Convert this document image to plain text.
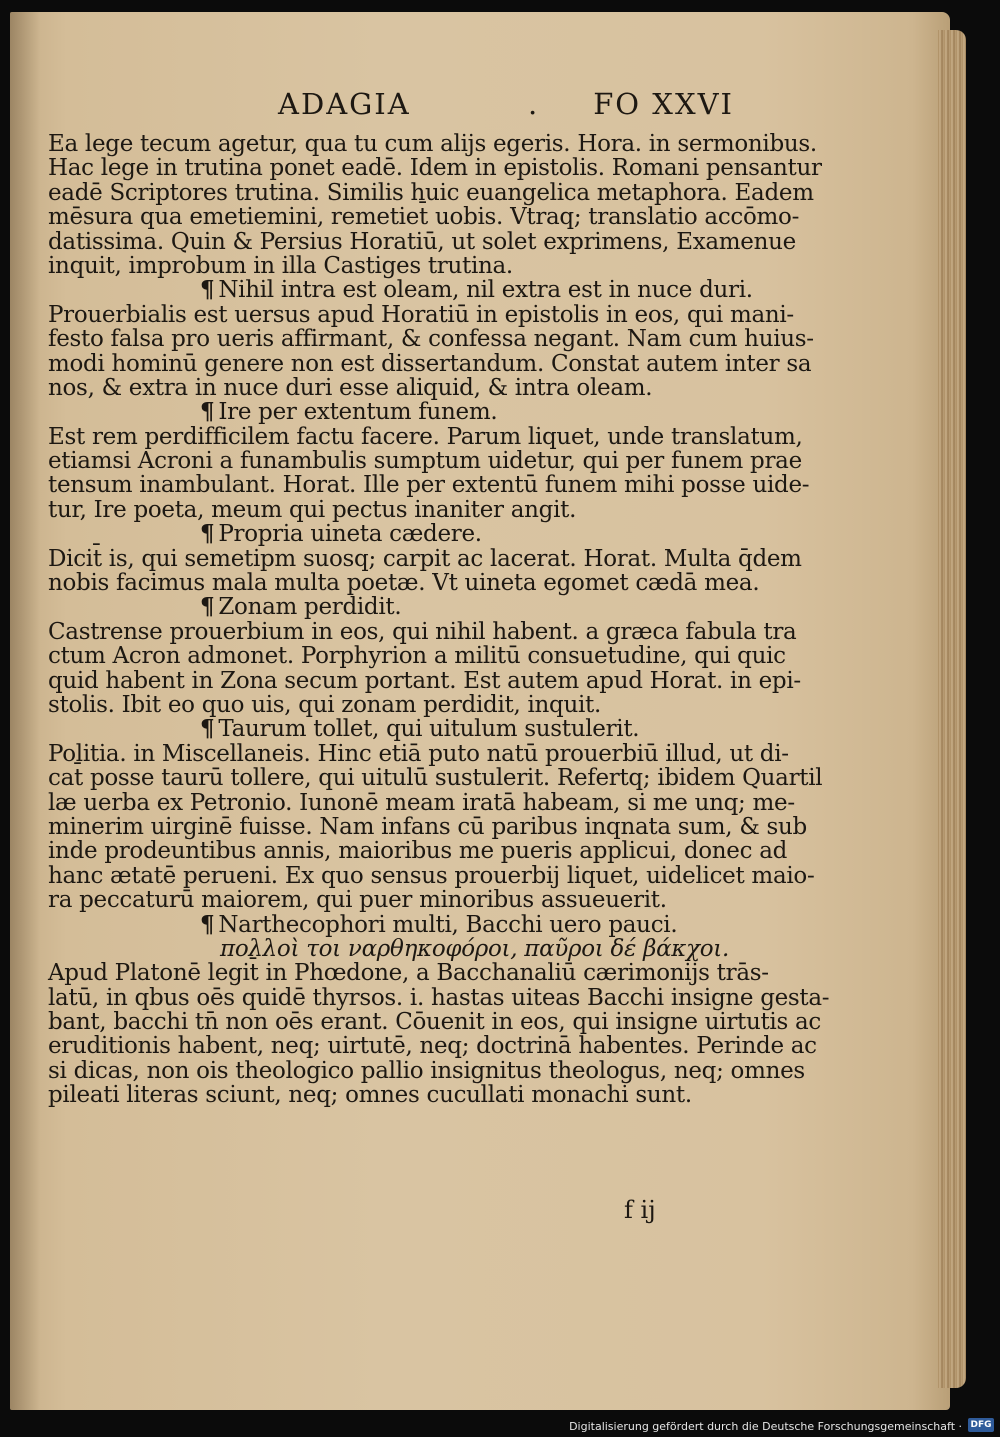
ADAGIA	. FO XXVI
Ea lege tecum agetur, qua tu cum alijs egeris. Hora. in sermonibus.
Hac lege in trutina ponet eadē. Idem in epistolis. Romani pensantur
eadē Scriptores trutina. Similis huic euangelica metaphora. Eadem
mēsura qua emetiemini, remetiet̄ uobis. Vtraq; translatio accōmo-
datissima. Quin & Persius Horatiū, ut solet exprimens, Examenue
inquit, improbum in illa Castiges trutina.
¶ Nihil intra est oleam, nil extra est in nuce duri.
Prouerbialis est uersus apud Horatiū in epistolis in eos, qui mani-
festo falsa pro ueris affirmant, & confessa negant. Nam cum huius-
modi hominū genere non est dissertandum. Constat autem inter sa
nos, & extra in nuce duri esse aliquid, & intra oleam.
¶ Ire per extentum funem.
Est rem perdifficilem factu facere. Parum liquet, unde translatum,
etiamsi Acroni a funambulis sumptum uidetur, qui per funem prae
tensum inambulant. Horat. Ille per extentū funem mihi posse uide-
tur, Ire poeta, meum qui pectus inaniter angit.
¶ Propria uineta cædere.
Dicit̄ is, qui semetipm suosq; carpit ac lacerat. Horat. Multa q̄dem
nobis facimus mala multa poetæ. Vt uineta egomet cædā mea.
¶ Zonam perdidit.
Castrense prouerbium in eos, qui nihil habent. a græca fabula tra
ctum Acron admonet. Porphyrion a militū consuetudine, qui quic
quid habent in Zona secum portant. Est autem apud Horat. in epi-
stolis. Ibit eo quo uis, qui zonam perdidit, inquit.
¶ Taurum tollet, qui uitulum sustulerit.
Politia. in Miscellaneis. Hinc etiā puto natū prouerbiū illud, ut di-
cat̄ posse taurū tollere, qui uitulū sustulerit. Refertq; ibidem Quartil
læ uerba ex Petronio. Iunonē meam iratā habeam, si me unq; me-
minerim uirginē fuisse. Nam infans cū paribus inqnata sum, & sub
inde prodeuntibus annis, maioribus me pueris applicui, donec ad
hanc ætatē perueni. Ex quo sensus prouerbij liquet, uidelicet maio-
ra peccaturū maiorem, qui puer minoribus assueuerit.
¶ Narthecophori multi, Bacchi uero pauci.
πολλοὶ τοι ναρθηκοφόροι, παῦροι δέ βάκχοι.
Apud Platonē legit̄ in Phœdone, a Bacchanaliū cærimonijs trās-
latū, in qbus oēs quidē thyrsos. i. hastas uiteas Bacchi insigne gesta-
bant, bacchi tn̄ non oēs erant. Cōuenit in eos, qui insigne uirtutis ac
eruditionis habent, neq; uirtutē, neq; doctrinā habentes. Perinde ac
si dicas, non ois theologico pallio insignitus theologus, neq; omnes
pileati literas sciunt, neq; omnes cucullati monachi sunt.
f ij
Digitalisierung gefördert durch die Deutsche Forschungsgemeinschaft · DFG
